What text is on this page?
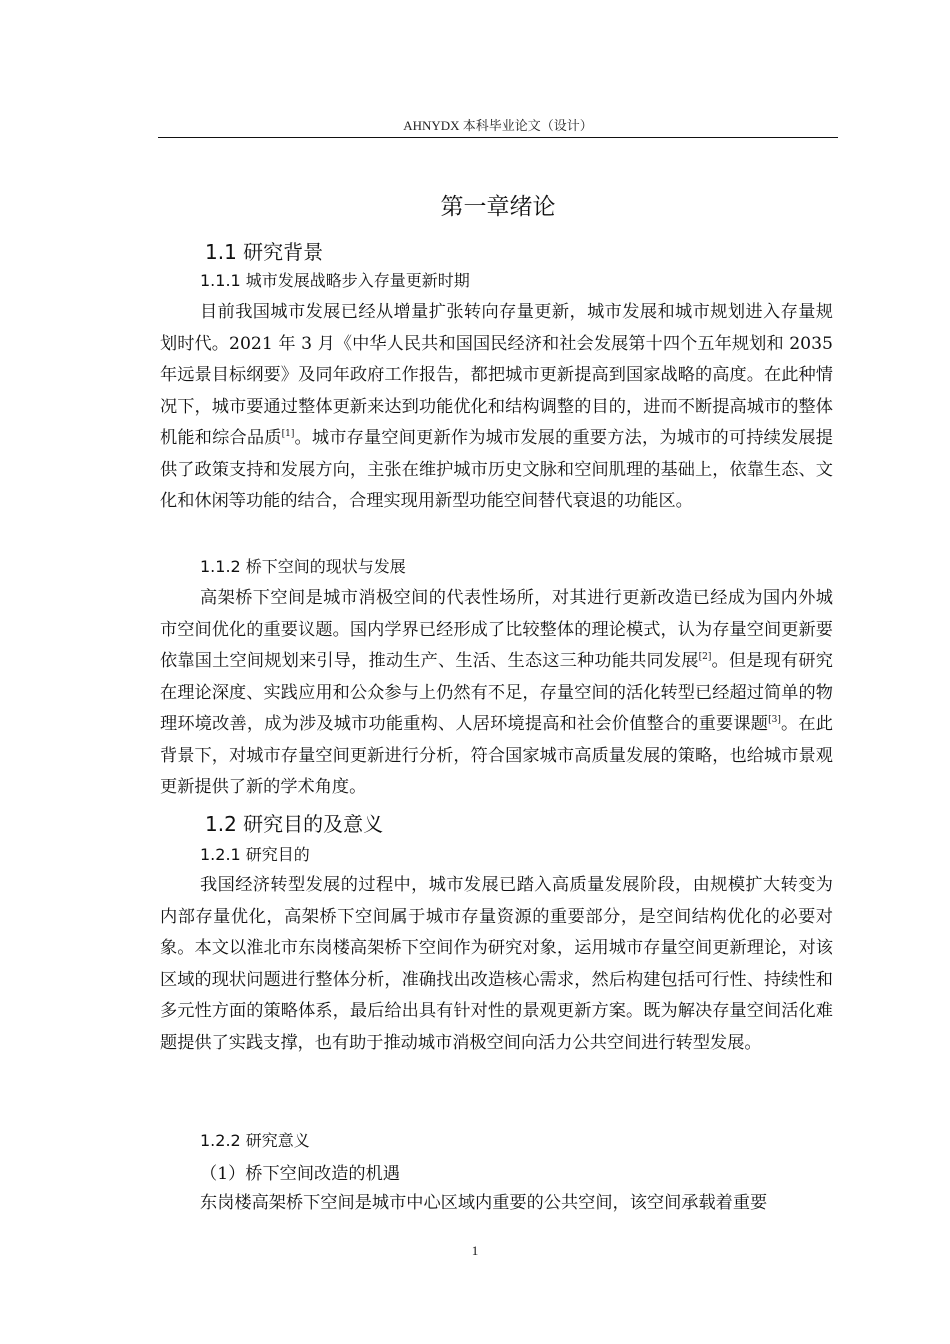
AHNYDX 本科毕业论文（设计）
第一章绪论
1.1 研究背景
1.1.1 城市发展战略步入存量更新时期

目前我国城市发展已经从增量扩张转向存量更新，城市发展和城市规划进入存量规划时代。2021 年 3 月《中华人民共和国国民经济和社会发展第十四个五年规划和 2035 年远景目标纲要》及同年政府工作报告，都把城市更新提高到国家战略的高度。在此种情况下，城市要通过整体更新来达到功能优化和结构调整的目的，进而不断提高城市的整体机能和综合品质[1]。城市存量空间更新作为城市发展的重要方法，为城市的可持续发展提供了政策支持和发展方向，主张在维护城市历史文脉和空间肌理的基础上，依靠生态、文化和休闲等功能的结合，合理实现用新型功能空间替代衰退的功能区。

1.1.2 桥下空间的现状与发展

高架桥下空间是城市消极空间的代表性场所，对其进行更新改造已经成为国内外城市空间优化的重要议题。国内学界已经形成了比较整体的理论模式，认为存量空间更新要依靠国土空间规划来引导，推动生产、生活、生态这三种功能共同发展[2]。但是现有研究在理论深度、实践应用和公众参与上仍然有不足，存量空间的活化转型已经超过简单的物理环境改善，成为涉及城市功能重构、人居环境提高和社会价值整合的重要课题[3]。在此背景下，对城市存量空间更新进行分析，符合国家城市高质量发展的策略，也给城市景观更新提供了新的学术角度。

1.2 研究目的及意义
1.2.1 研究目的

我国经济转型发展的过程中，城市发展已踏入高质量发展阶段，由规模扩大转变为内部存量优化，高架桥下空间属于城市存量资源的重要部分，是空间结构优化的必要对象。本文以淮北市东岗楼高架桥下空间作为研究对象，运用城市存量空间更新理论，对该区域的现状问题进行整体分析，准确找出改造核心需求，然后构建包括可行性、持续性和多元性方面的策略体系，最后给出具有针对性的景观更新方案。既为解决存量空间活化难题提供了实践支撑，也有助于推动城市消极空间向活力公共空间进行转型发展。

1.2.2 研究意义
（1）桥下空间改造的机遇

东岗楼高架桥下空间是城市中心区域内重要的公共空间，该空间承载着重要

1
